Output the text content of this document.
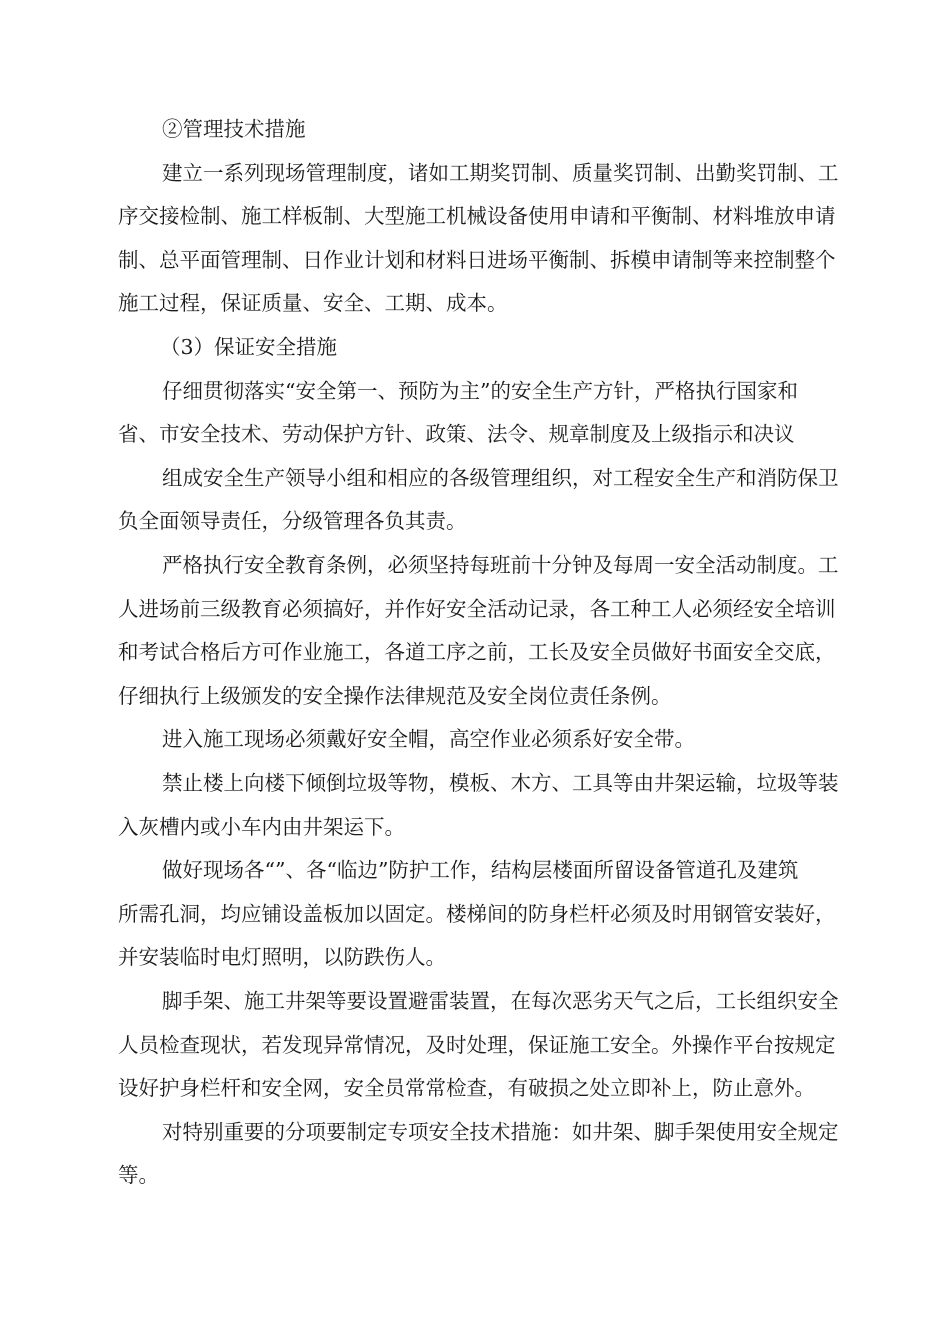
②管理技术措施
建立一系列现场管理制度，诸如工期奖罚制、质量奖罚制、出勤奖罚制、工
序交接检制、施工样板制、大型施工机械设备使用申请和平衡制、材料堆放申请
制、总平面管理制、日作业计划和材料日进场平衡制、拆模申请制等来控制整个
施工过程，保证质量、安全、工期、成本。
（3）保证安全措施
仔细贯彻落实“安全第一、预防为主”的安全生产方针，严格执行国家和
省、市安全技术、劳动保护方针、政策、法令、规章制度及上级指示和决议
组成安全生产领导小组和相应的各级管理组织，对工程安全生产和消防保卫
负全面领导责任，分级管理各负其责。
严格执行安全教育条例，必须坚持每班前十分钟及每周一安全活动制度。工
人进场前三级教育必须搞好，并作好安全活动记录，各工种工人必须经安全培训
和考试合格后方可作业施工，各道工序之前，工长及安全员做好书面安全交底，
仔细执行上级颁发的安全操作法律规范及安全岗位责任条例。
进入施工现场必须戴好安全帽，高空作业必须系好安全带。
禁止楼上向楼下倾倒垃圾等物，模板、木方、工具等由井架运输，垃圾等装
入灰槽内或小车内由井架运下。
做好现场各“”、各“临边”防护工作，结构层楼面所留设备管道孔及建筑
所需孔洞，均应铺设盖板加以固定。楼梯间的防身栏杆必须及时用钢管安装好，
并安装临时电灯照明，以防跌伤人。
脚手架、施工井架等要设置避雷装置，在每次恶劣天气之后，工长组织安全
人员检查现状，若发现异常情况，及时处理，保证施工安全。外操作平台按规定
设好护身栏杆和安全网，安全员常常检查，有破损之处立即补上，防止意外。
对特别重要的分项要制定专项安全技术措施：如井架、脚手架使用安全规定
等。
